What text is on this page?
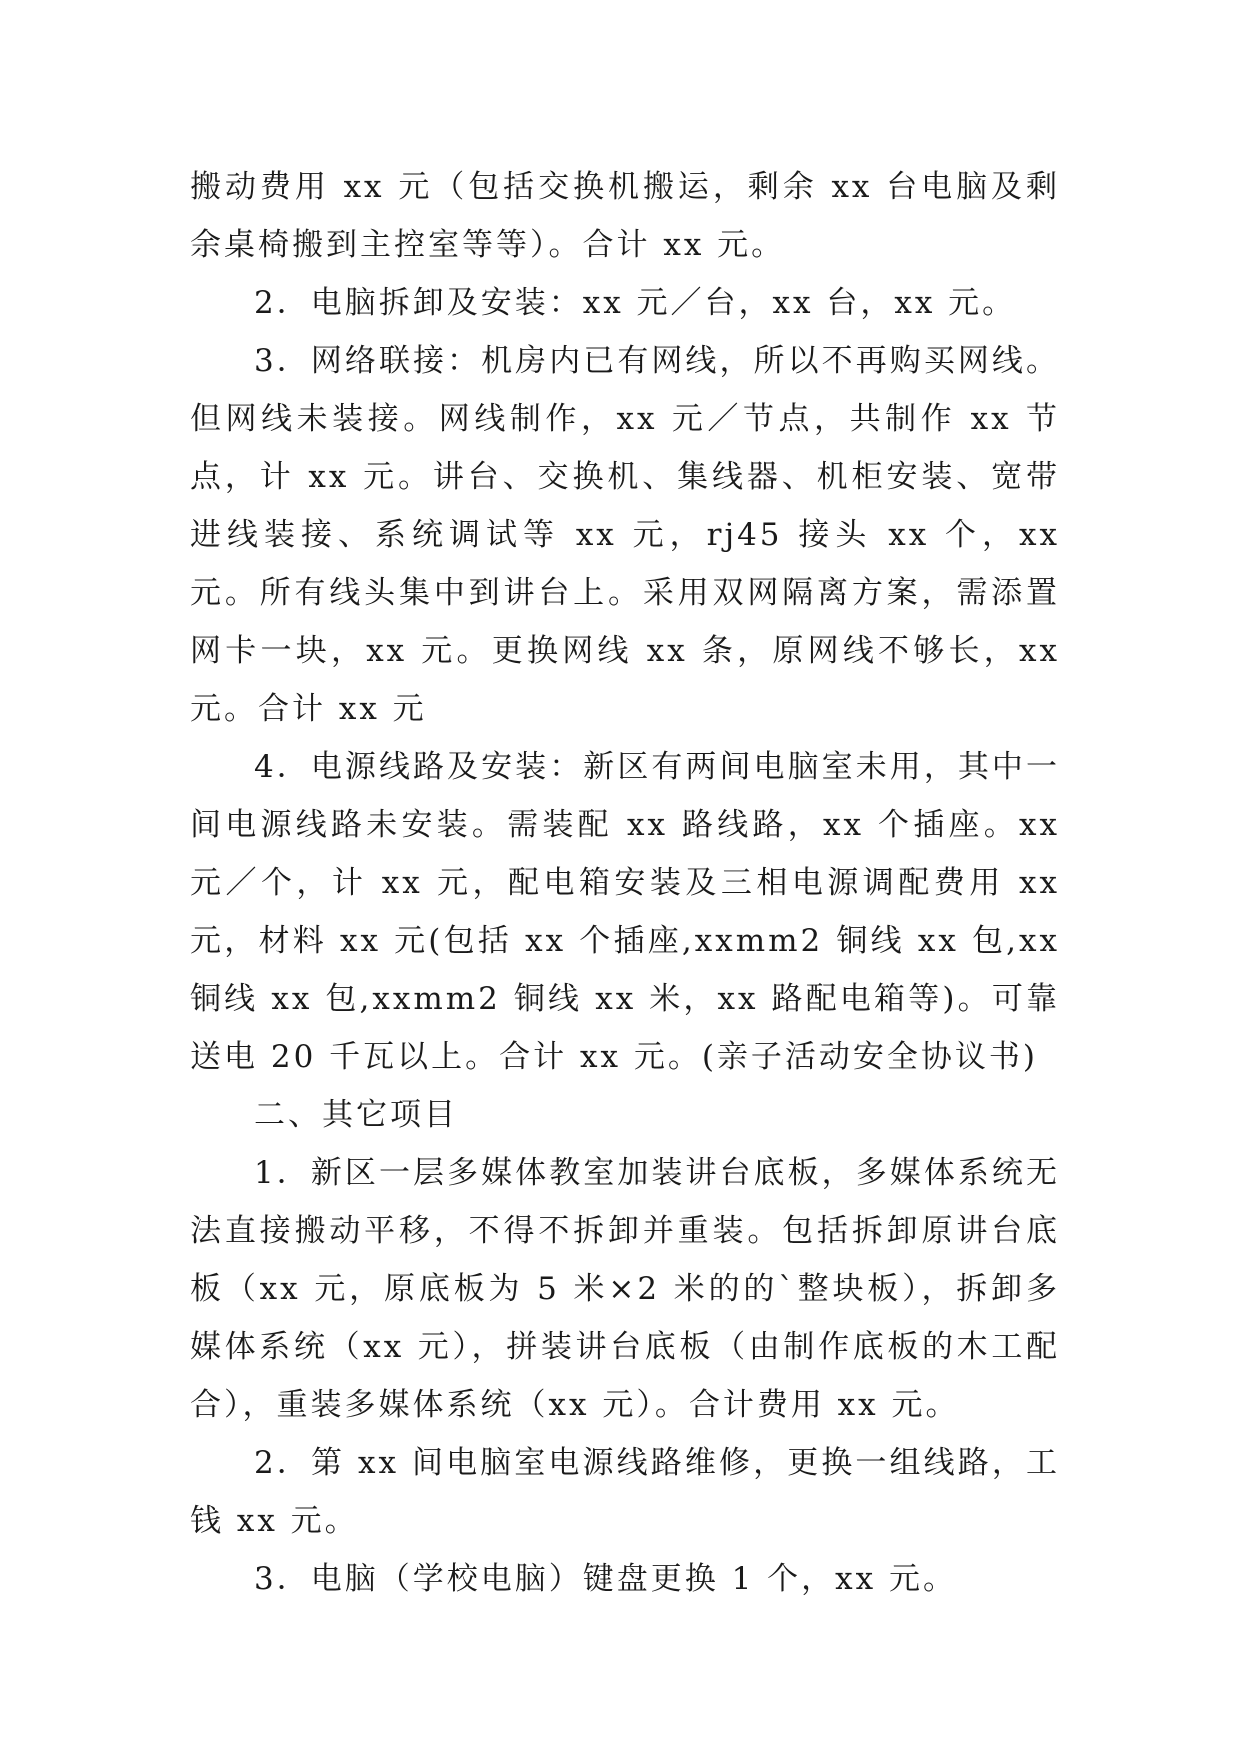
搬动费用 xx 元（包括交换机搬运，剩余 xx 台电脑及剩余桌椅搬到主控室等等）。合计 xx 元。

2．电脑拆卸及安装：xx 元／台，xx 台，xx 元。

3．网络联接：机房内已有网线，所以不再购买网线。但网线未装接。网线制作，xx 元／节点，共制作 xx 节点，计 xx 元。讲台、交换机、集线器、机柜安装、宽带进线装接、系统调试等 xx 元，rj45 接头 xx 个，xx 元。所有线头集中到讲台上。采用双网隔离方案，需添置网卡一块，xx 元。更换网线 xx 条，原网线不够长，xx 元。合计 xx 元

4．电源线路及安装：新区有两间电脑室未用，其中一间电源线路未安装。需装配 xx 路线路，xx 个插座。xx 元／个，计 xx 元，配电箱安装及三相电源调配费用 xx 元，材料 xx 元(包括 xx 个插座,xxmm2 铜线 xx 包,xx 铜线 xx 包,xxmm2 铜线 xx 米，xx 路配电箱等)。可靠送电 20 千瓦以上。合计 xx 元。(亲子活动安全协议书)

二、其它项目

1．新区一层多媒体教室加装讲台底板，多媒体系统无法直接搬动平移，不得不拆卸并重装。包括拆卸原讲台底板（xx 元，原底板为 5 米×2 米的的`整块板），拆卸多媒体系统（xx 元），拼装讲台底板（由制作底板的木工配合），重装多媒体系统（xx 元）。合计费用 xx 元。

2．第 xx 间电脑室电源线路维修，更换一组线路，工钱 xx 元。

3．电脑（学校电脑）键盘更换 1 个，xx 元。
